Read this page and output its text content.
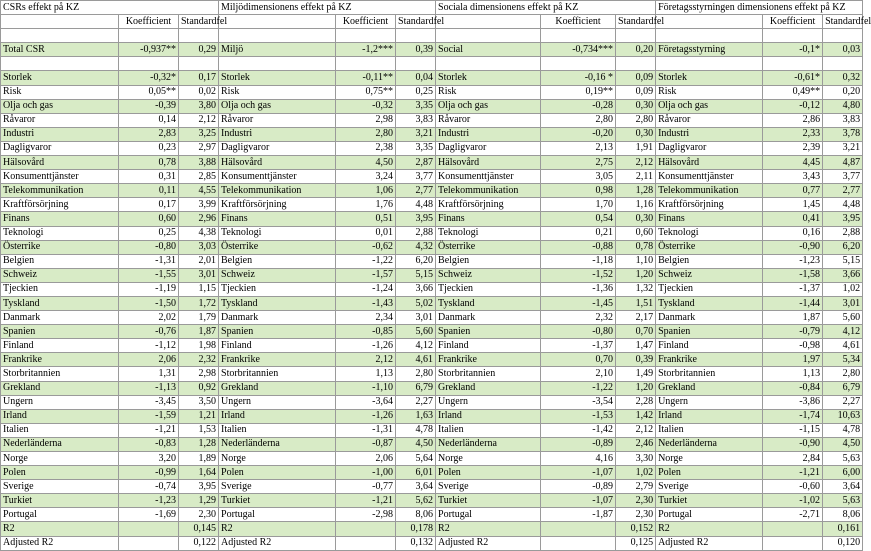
CSRs effekt på KZ			Miljödimensionens effekt på KZ			Sociala dimensionens effekt på KZ			Företagsstyrningen dimensionens effekt på KZ		
	Koefficient	Standardfel		Koefficient	Standardfel		Koefficient	Standardfel		Koefficient	Standardfel

Total CSR	-0,937**	0,29	Miljö	-1,2***	0,39	Social	-0,734***	0,20	Företagsstyrning	-0,1*	0,03

Storlek	-0,32*	0,17	Storlek	-0,11**	0,04	Storlek	-0,16 *	0,09	Storlek	-0,61*	0,32
Risk	0,05**	0,02	Risk	0,75**	0,25	Risk	0,19**	0,09	Risk	0,49**	0,20
Olja och gas	-0,39	3,80	Olja och gas	-0,32	3,35	Olja och gas	-0,28	0,30	Olja och gas	-0,12	4,80
Råvaror	0,14	2,12	Råvaror	2,98	3,83	Råvaror	2,80	2,80	Råvaror	2,86	3,83
Industri	2,83	3,25	Industri	2,80	3,21	Industri	-0,20	0,30	Industri	2,33	3,78
Dagligvaror	0,23	2,97	Dagligvaror	2,38	3,35	Dagligvaror	2,13	1,91	Dagligvaror	2,39	3,21
Hälsovård	0,78	3,88	Hälsovård	4,50	2,87	Hälsovård	2,75	2,12	Hälsovård	4,45	4,87
Konsumenttjänster	0,31	2,85	Konsumenttjänster	3,24	3,77	Konsumenttjänster	3,05	2,11	Konsumenttjänster	3,43	3,77
Telekommunikation	0,11	4,55	Telekommunikation	1,06	2,77	Telekommunikation	0,98	1,28	Telekommunikation	0,77	2,77
Kraftförsörjning	0,17	3,99	Kraftförsörjning	1,76	4,48	Kraftförsörjning	1,70	1,16	Kraftförsörjning	1,45	4,48
Finans	0,60	2,96	Finans	0,51	3,95	Finans	0,54	0,30	Finans	0,41	3,95
Teknologi	0,25	4,38	Teknologi	0,01	2,88	Teknologi	0,21	0,60	Teknologi	0,16	2,88
Österrike	-0,80	3,03	Österrike	-0,62	4,32	Österrike	-0,88	0,78	Österrike	-0,90	6,20
Belgien	-1,31	2,01	Belgien	-1,22	6,20	Belgien	-1,18	1,10	Belgien	-1,23	5,15
Schweiz	-1,55	3,01	Schweiz	-1,57	5,15	Schweiz	-1,52	1,20	Schweiz	-1,58	3,66
Tjeckien	-1,19	1,15	Tjeckien	-1,24	3,66	Tjeckien	-1,36	1,32	Tjeckien	-1,37	1,02
Tyskland	-1,50	1,72	Tyskland	-1,43	5,02	Tyskland	-1,45	1,51	Tyskland	-1,44	3,01
Danmark	2,02	1,79	Danmark	2,34	3,01	Danmark	2,32	2,17	Danmark	1,87	5,60
Spanien	-0,76	1,87	Spanien	-0,85	5,60	Spanien	-0,80	0,70	Spanien	-0,79	4,12
Finland	-1,12	1,98	Finland	-1,26	4,12	Finland	-1,37	1,47	Finland	-0,98	4,61
Frankrike	2,06	2,32	Frankrike	2,12	4,61	Frankrike	0,70	0,39	Frankrike	1,97	5,34
Storbritannien	1,31	2,98	Storbritannien	1,13	2,80	Storbritannien	2,10	1,49	Storbritannien	1,13	2,80
Grekland	-1,13	0,92	Grekland	-1,10	6,79	Grekland	-1,22	1,20	Grekland	-0,84	6,79
Ungern	-3,45	3,50	Ungern	-3,64	2,27	Ungern	-3,54	2,28	Ungern	-3,86	2,27
Irland	-1,59	1,21	Irland	-1,26	1,63	Irland	-1,53	1,42	Irland	-1,74	10,63
Italien	-1,21	1,53	Italien	-1,31	4,78	Italien	-1,42	2,12	Italien	-1,15	4,78
Nederländerna	-0,83	1,28	Nederländerna	-0,87	4,50	Nederländerna	-0,89	2,46	Nederländerna	-0,90	4,50
Norge	3,20	1,89	Norge	2,06	5,64	Norge	4,16	3,30	Norge	2,84	5,63
Polen	-0,99	1,64	Polen	-1,00	6,01	Polen	-1,07	1,02	Polen	-1,21	6,00
Sverige	-0,74	3,95	Sverige	-0,77	3,64	Sverige	-0,89	2,79	Sverige	-0,60	3,64
Turkiet	-1,23	1,29	Turkiet	-1,21	5,62	Turkiet	-1,07	2,30	Turkiet	-1,02	5,63
Portugal	-1,69	2,30	Portugal	-2,98	8,06	Portugal	-1,87	2,30	Portugal	-2,71	8,06
R2		0,145	R2		0,178	R2		0,152	R2		0,161
Adjusted R2		0,122	Adjusted R2		0,132	Adjusted R2		0,125	Adjusted R2		0,120
